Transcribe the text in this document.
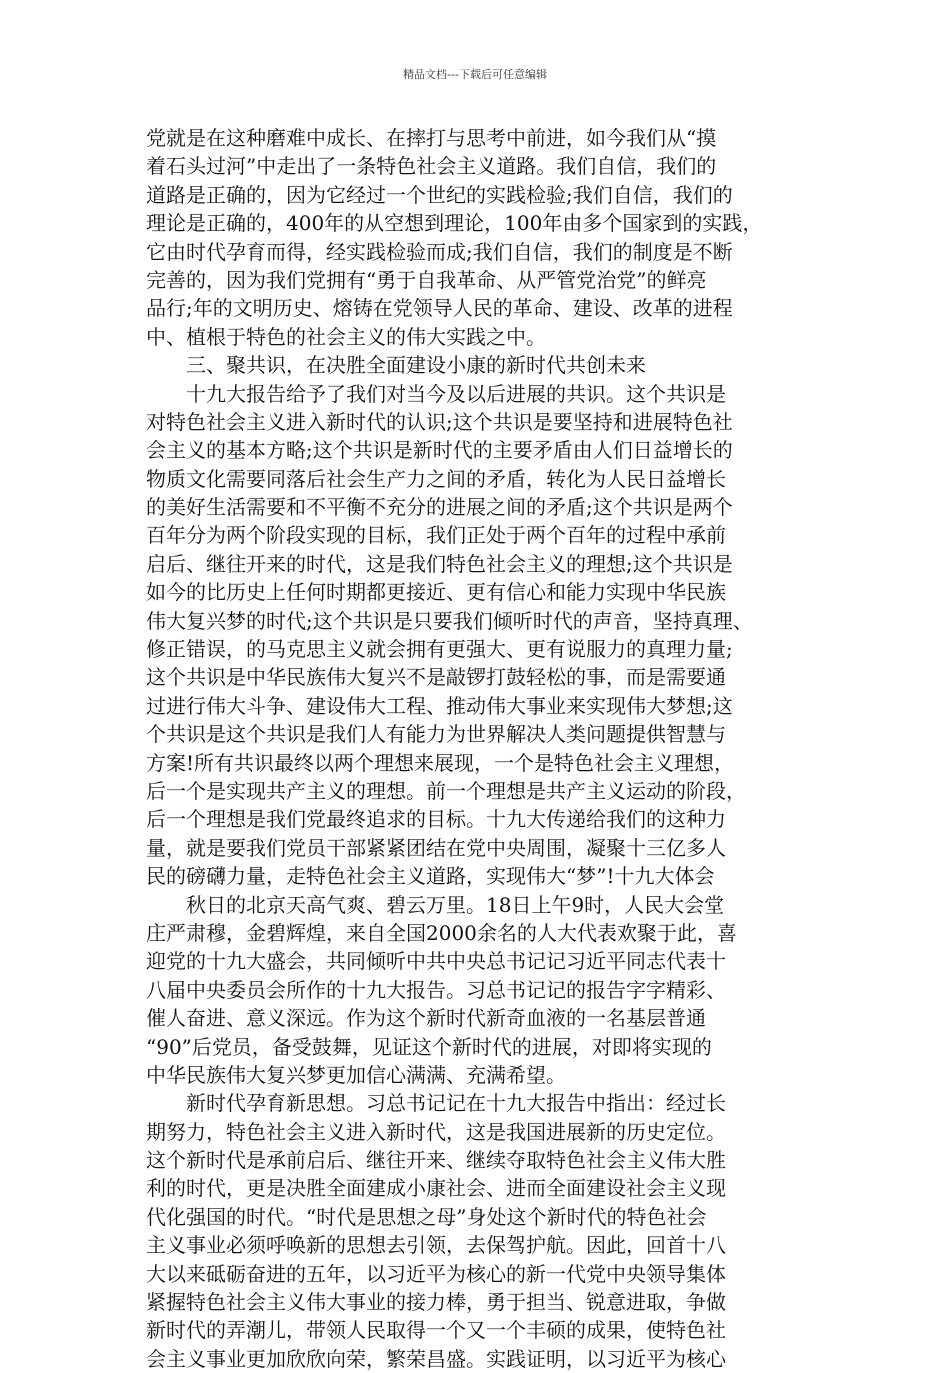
精品文档---下载后可任意编辑
党就是在这种磨难中成长、在摔打与思考中前进，如今我们从“摸
着石头过河”中走出了一条特色社会主义道路。我们自信，我们的
道路是正确的，因为它经过一个世纪的实践检验;我们自信，我们的
理论是正确的，400年的从空想到理论，100年由多个国家到的实践，
它由时代孕育而得，经实践检验而成;我们自信，我们的制度是不断
完善的，因为我们党拥有“勇于自我革命、从严管党治党”的鲜亮
品行;年的文明历史、熔铸在党领导人民的革命、建设、改革的进程
中、植根于特色的社会主义的伟大实践之中。
　　三、聚共识，在决胜全面建设小康的新时代共创未来
　　十九大报告给予了我们对当今及以后进展的共识。这个共识是
对特色社会主义进入新时代的认识;这个共识是要坚持和进展特色社
会主义的基本方略;这个共识是新时代的主要矛盾由人们日益增长的
物质文化需要同落后社会生产力之间的矛盾，转化为人民日益增长
的美好生活需要和不平衡不充分的进展之间的矛盾;这个共识是两个
百年分为两个阶段实现的目标，我们正处于两个百年的过程中承前
启后、继往开来的时代，这是我们特色社会主义的理想;这个共识是
如今的比历史上任何时期都更接近、更有信心和能力实现中华民族
伟大复兴梦的时代;这个共识是只要我们倾听时代的声音，坚持真理、
修正错误，的马克思主义就会拥有更强大、更有说服力的真理力量;
这个共识是中华民族伟大复兴不是敲锣打鼓轻松的事，而是需要通
过进行伟大斗争、建设伟大工程、推动伟大事业来实现伟大梦想;这
个共识是这个共识是我们人有能力为世界解决人类问题提供智慧与
方案!所有共识最终以两个理想来展现，一个是特色社会主义理想，
后一个是实现共产主义的理想。前一个理想是共产主义运动的阶段，
后一个理想是我们党最终追求的目标。十九大传递给我们的这种力
量，就是要我们党员干部紧紧团结在党中央周围，凝聚十三亿多人
民的磅礴力量，走特色社会主义道路，实现伟大“梦”!十九大体会
　　秋日的北京天高气爽、碧云万里。18日上午9时，人民大会堂
庄严肃穆，金碧辉煌，来自全国2000余名的人大代表欢聚于此，喜
迎党的十九大盛会，共同倾听中共中央总书记记习近平同志代表十
八届中央委员会所作的十九大报告。习总书记记的报告字字精彩、
催人奋进、意义深远。作为这个新时代新奇血液的一名基层普通
“90”后党员，备受鼓舞，见证这个新时代的进展，对即将实现的
中华民族伟大复兴梦更加信心满满、充满希望。
　　新时代孕育新思想。习总书记记在十九大报告中指出：经过长
期努力，特色社会主义进入新时代，这是我国进展新的历史定位。
这个新时代是承前启后、继往开来、继续夺取特色社会主义伟大胜
利的时代，更是决胜全面建成小康社会、进而全面建设社会主义现
代化强国的时代。“时代是思想之母”身处这个新时代的特色社会
主义事业必须呼唤新的思想去引领，去保驾护航。因此，回首十八
大以来砥砺奋进的五年，以习近平为核心的新一代党中央领导集体
紧握特色社会主义伟大事业的接力棒，勇于担当、锐意进取，争做
新时代的弄潮儿，带领人民取得一个又一个丰硕的成果，使特色社
会主义事业更加欣欣向荣，繁荣昌盛。实践证明，以习近平为核心
